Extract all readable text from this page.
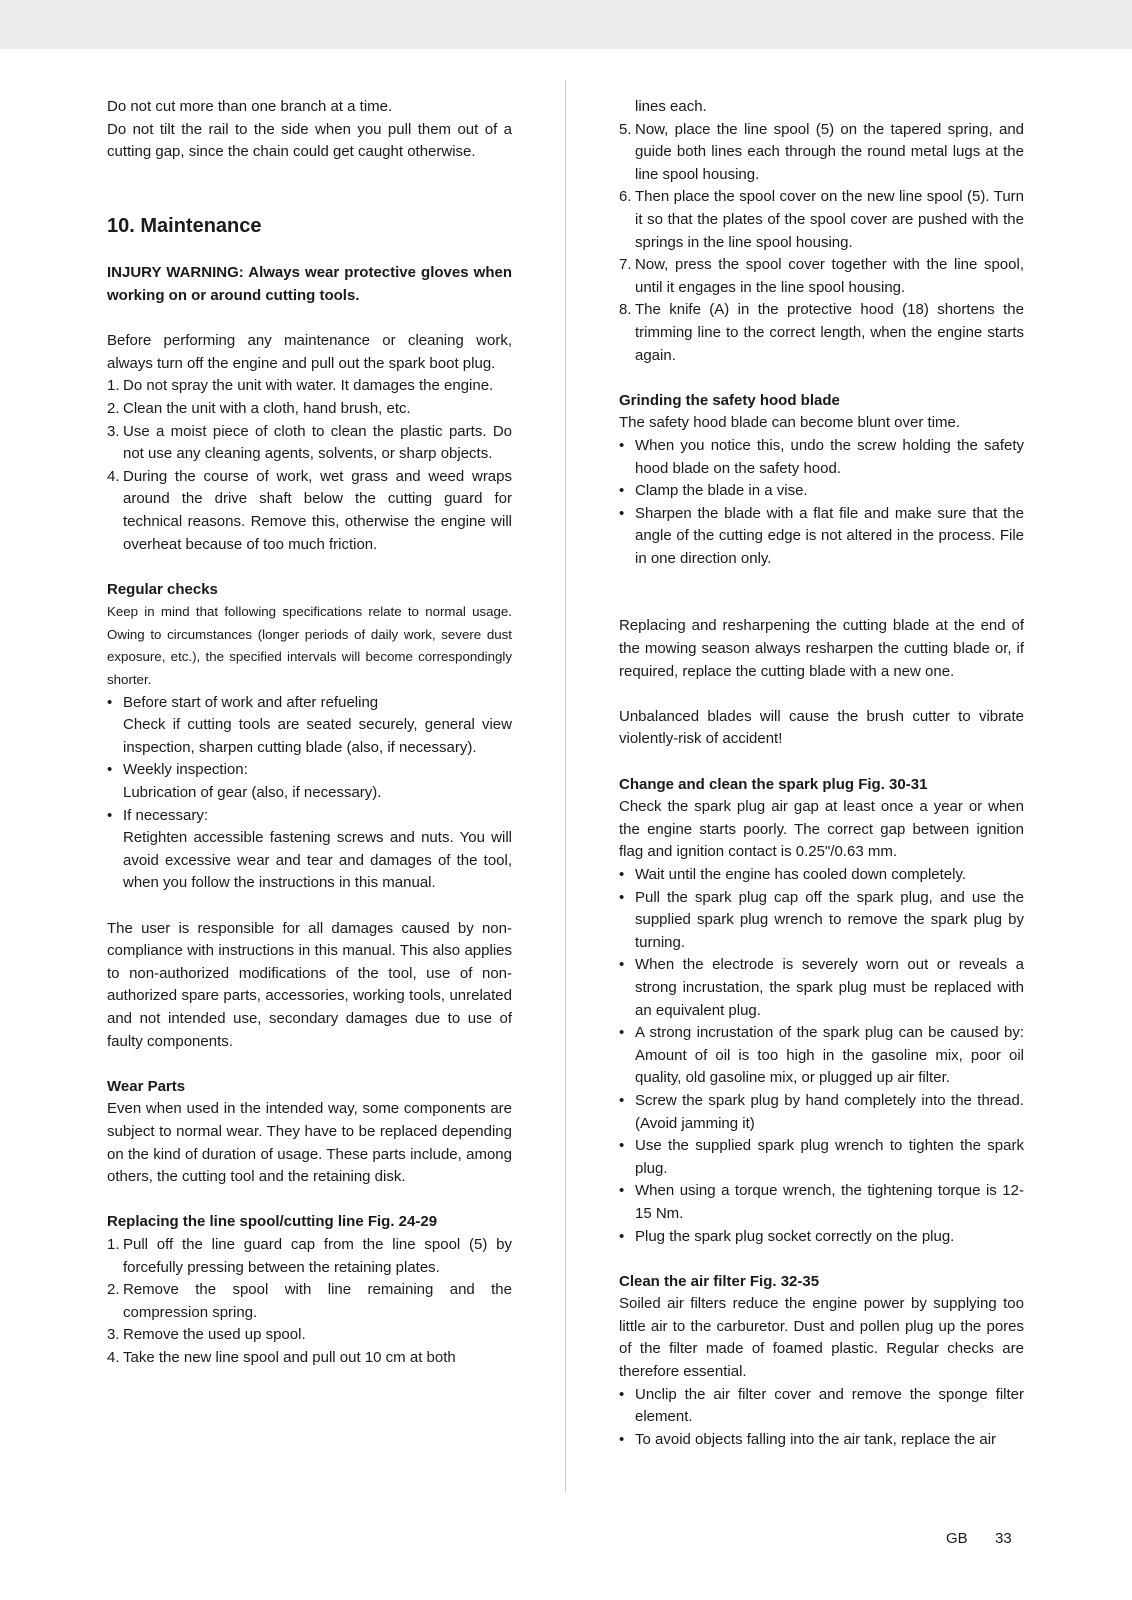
Do not cut more than one branch at a time.

Do not tilt the rail to the side when you pull them out of a cutting gap, since the chain could get caught otherwise.

10. Maintenance

INJURY WARNING: Always wear protective gloves when working on or around cutting tools.

Before performing any maintenance or cleaning work, always turn off the engine and pull out the spark boot plug.

1. Do not spray the unit with water. It damages the engine.
2. Clean the unit with a cloth, hand brush, etc.
3. Use a moist piece of cloth to clean the plastic parts. Do not use any cleaning agents, solvents, or sharp objects.
4. During the course of work, wet grass and weed wraps around the drive shaft below the cutting guard for technical reasons. Remove this, otherwise the engine will overheat because of too much friction.
Regular checks

Keep in mind that following specifications relate to normal usage. Owing to circumstances (longer periods of daily work, severe dust exposure, etc.), the specified intervals will become correspondingly shorter.

• Before start of work and after refueling
Check if cutting tools are seated securely, general view inspection, sharpen cutting blade (also, if necessary).
• Weekly inspection:
Lubrication of gear (also, if necessary).
• If necessary:
Retighten accessible fastening screws and nuts. You will avoid excessive wear and tear and damages of the tool, when you follow the instructions in this manual.

The user is responsible for all damages caused by non-compliance with instructions in this manual. This also applies to non-authorized modifications of the tool, use of non-authorized spare parts, accessories, working tools, unrelated and not intended use, secondary damages due to use of faulty components.

Wear Parts

Even when used in the intended way, some components are subject to normal wear. They have to be replaced depending on the kind of duration of usage. These parts include, among others, the cutting tool and the retaining disk.

Replacing the line spool/cutting line Fig. 24-29
1. Pull off the line guard cap from the line spool (5) by forcefully pressing between the retaining plates.
2. Remove the spool with line remaining and the compression spring.
3. Remove the used up spool.
4. Take the new line spool and pull out 10 cm at both

lines each.

5. Now, place the line spool (5) on the tapered spring, and guide both lines each through the round metal lugs at the line spool housing.
6. Then place the spool cover on the new line spool (5). Turn it so that the plates of the spool cover are pushed with the springs in the line spool housing.
7. Now, press the spool cover together with the line spool, until it engages in the line spool housing.
8. The knife (A) in the protective hood (18) shortens the trimming line to the correct length, when the engine starts again.
Grinding the safety hood blade

The safety hood blade can become blunt over time.

• When you notice this, undo the screw holding the safety hood blade on the safety hood.
• Clamp the blade in a vise.
• Sharpen the blade with a flat file and make sure that the angle of the cutting edge is not altered in the process. File in one direction only.

Replacing and resharpening the cutting blade at the end of the mowing season always resharpen the cutting blade or, if required, replace the cutting blade with a new one.

Unbalanced blades will cause the brush cutter to vibrate violently-risk of accident!

Change and clean the spark plug Fig. 30-31

Check the spark plug air gap at least once a year or when the engine starts poorly. The correct gap between ignition flag and ignition contact is 0.25"/0.63 mm.

• Wait until the engine has cooled down completely.
• Pull the spark plug cap off the spark plug, and use the supplied spark plug wrench to remove the spark plug by turning.
• When the electrode is severely worn out or reveals a strong incrustation, the spark plug must be replaced with an equivalent plug.
• A strong incrustation of the spark plug can be caused by: Amount of oil is too high in the gasoline mix, poor oil quality, old gasoline mix, or plugged up air filter.
• Screw the spark plug by hand completely into the thread. (Avoid jamming it)
• Use the supplied spark plug wrench to tighten the spark plug.
• When using a torque wrench, the tightening torque is 12-15 Nm.
• Plug the spark plug socket correctly on the plug.
Clean the air filter Fig. 32-35

Soiled air filters reduce the engine power by supplying too little air to the carburetor. Dust and pollen plug up the pores of the filter made of foamed plastic. Regular checks are therefore essential.

• Unclip the air filter cover and remove the sponge filter element.
• To avoid objects falling into the air tank, replace the air
GB 33
